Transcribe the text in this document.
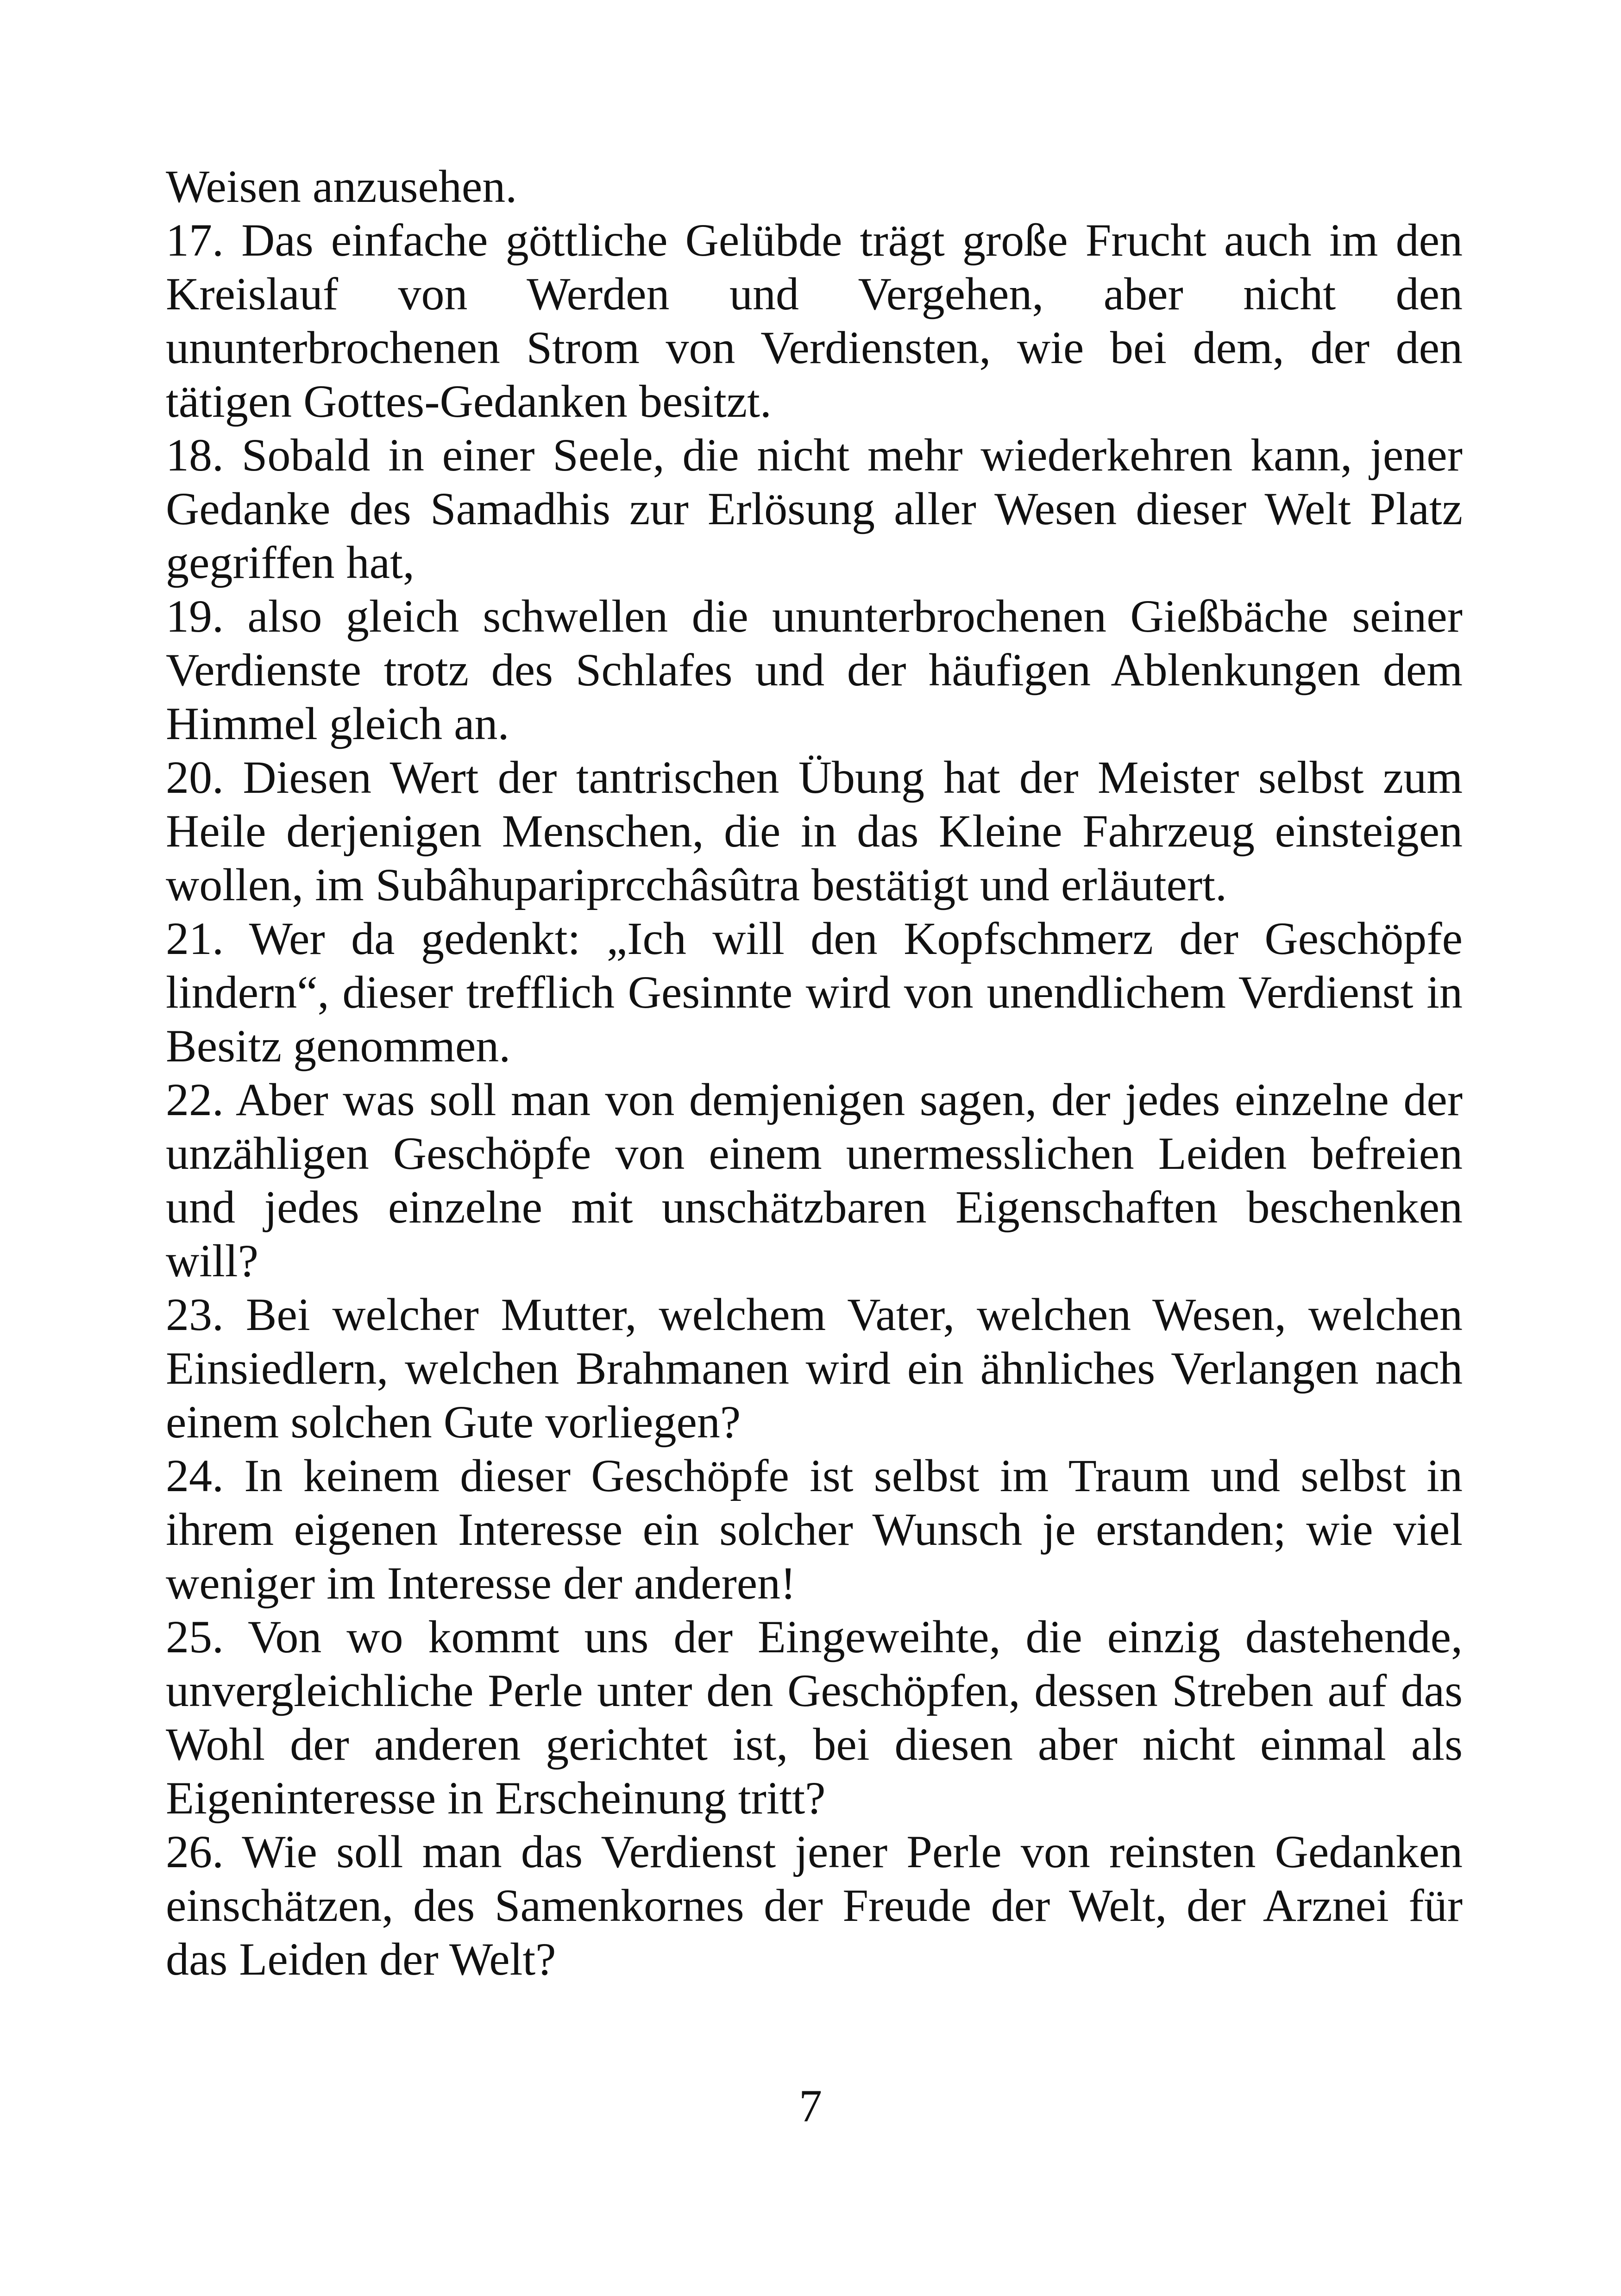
Weisen anzusehen.

17. Das einfache göttliche Gelübde trägt große Frucht auch im den Kreislauf von Werden und Vergehen, aber nicht den ununterbrochenen Strom von Verdiensten, wie bei dem, der den tätigen Gottes-Gedanken besitzt.

18. Sobald in einer Seele, die nicht mehr wiederkehren kann, jener Gedanke des Samadhis zur Erlösung aller Wesen dieser Welt Platz gegriffen hat,

19. also gleich schwellen die ununterbrochenen Gießbäche seiner Verdienste trotz des Schlafes und der häufigen Ablenkungen dem Himmel gleich an.

20. Diesen Wert der tantrischen Übung hat der Meister selbst zum Heile derjenigen Menschen, die in das Kleine Fahrzeug einsteigen wollen, im Subâhupariprcchâsûtra bestätigt und erläutert.

21. Wer da gedenkt: „Ich will den Kopfschmerz der Geschöpfe lindern“, dieser trefflich Gesinnte wird von unendlichem Verdienst in Besitz genommen.

22. Aber was soll man von demjenigen sagen, der jedes einzelne der unzähligen Geschöpfe von einem unermesslichen Leiden befreien und jedes einzelne mit unschätzbaren Eigenschaften beschenken will?

23. Bei welcher Mutter, welchem Vater, welchen Wesen, welchen Einsiedlern, welchen Brahmanen wird ein ähnliches Verlangen nach einem solchen Gute vorliegen?

24. In keinem dieser Geschöpfe ist selbst im Traum und selbst in ihrem eigenen Interesse ein solcher Wunsch je erstanden; wie viel weniger im Interesse der anderen!

25. Von wo kommt uns der Eingeweihte, die einzig dastehende, unvergleichliche Perle unter den Geschöpfen, dessen Streben auf das Wohl der anderen gerichtet ist, bei diesen aber nicht einmal als Eigeninteresse in Erscheinung tritt?

26. Wie soll man das Verdienst jener Perle von reinsten Gedanken einschätzen, des Samenkornes der Freude der Welt, der Arznei für das Leiden der Welt?

7
